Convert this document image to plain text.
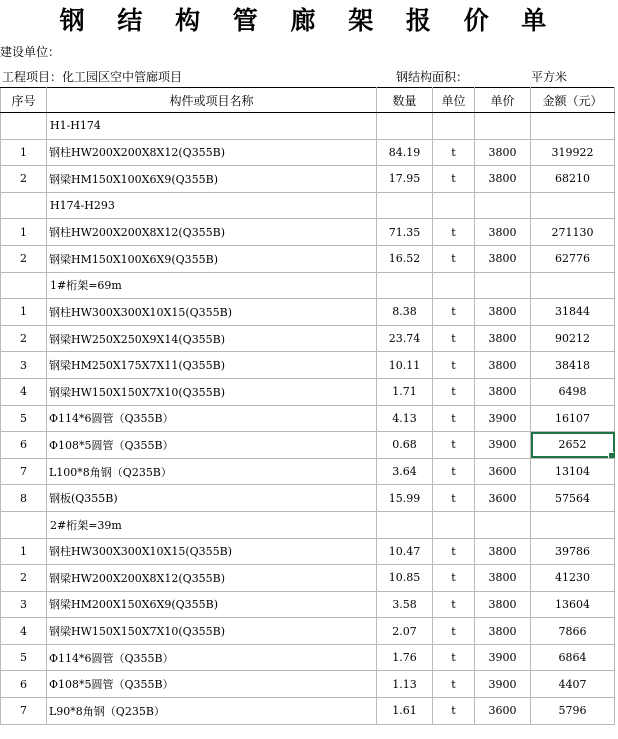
钢 结 构 管 廊 架 报 价 单
建设单位：
工程项目：化工园区空中管廊项目	钢结构面积：	平方米
序号	构件或项目名称	数量	单位	单价	金额（元）
	H1-H174				
1	钢柱HW200X200X8X12(Q355B)	84.19	t	3800	319922
2	钢梁HM150X100X6X9(Q355B)	17.95	t	3800	68210
	H174-H293				
1	钢柱HW200X200X8X12(Q355B)	71.35	t	3800	271130
2	钢梁HM150X100X6X9(Q355B)	16.52	t	3800	62776
	1#桁架=69m				
1	钢柱HW300X300X10X15(Q355B)	8.38	t	3800	31844
2	钢梁HW250X250X9X14(Q355B)	23.74	t	3800	90212
3	钢梁HM250X175X7X11(Q355B)	10.11	t	3800	38418
4	钢梁HW150X150X7X10(Q355B)	1.71	t	3800	6498
5	Φ114*6圆管（Q355B）	4.13	t	3900	16107
6	Φ108*5圆管（Q355B）	0.68	t	3900	2652

7	L100*8角钢（Q235B）	3.64	t	3600	13104
8	钢板(Q355B)	15.99	t	3600	57564
	2#桁架=39m				
1	钢柱HW300X300X10X15(Q355B)	10.47	t	3800	39786
2	钢梁HW200X200X8X12(Q355B)	10.85	t	3800	41230
3	钢梁HM200X150X6X9(Q355B)	3.58	t	3800	13604
4	钢梁HW150X150X7X10(Q355B)	2.07	t	3800	7866
5	Φ114*6圆管（Q355B）	1.76	t	3900	6864
6	Φ108*5圆管（Q355B）	1.13	t	3900	4407
7	L90*8角钢（Q235B）	1.61	t	3600	5796
